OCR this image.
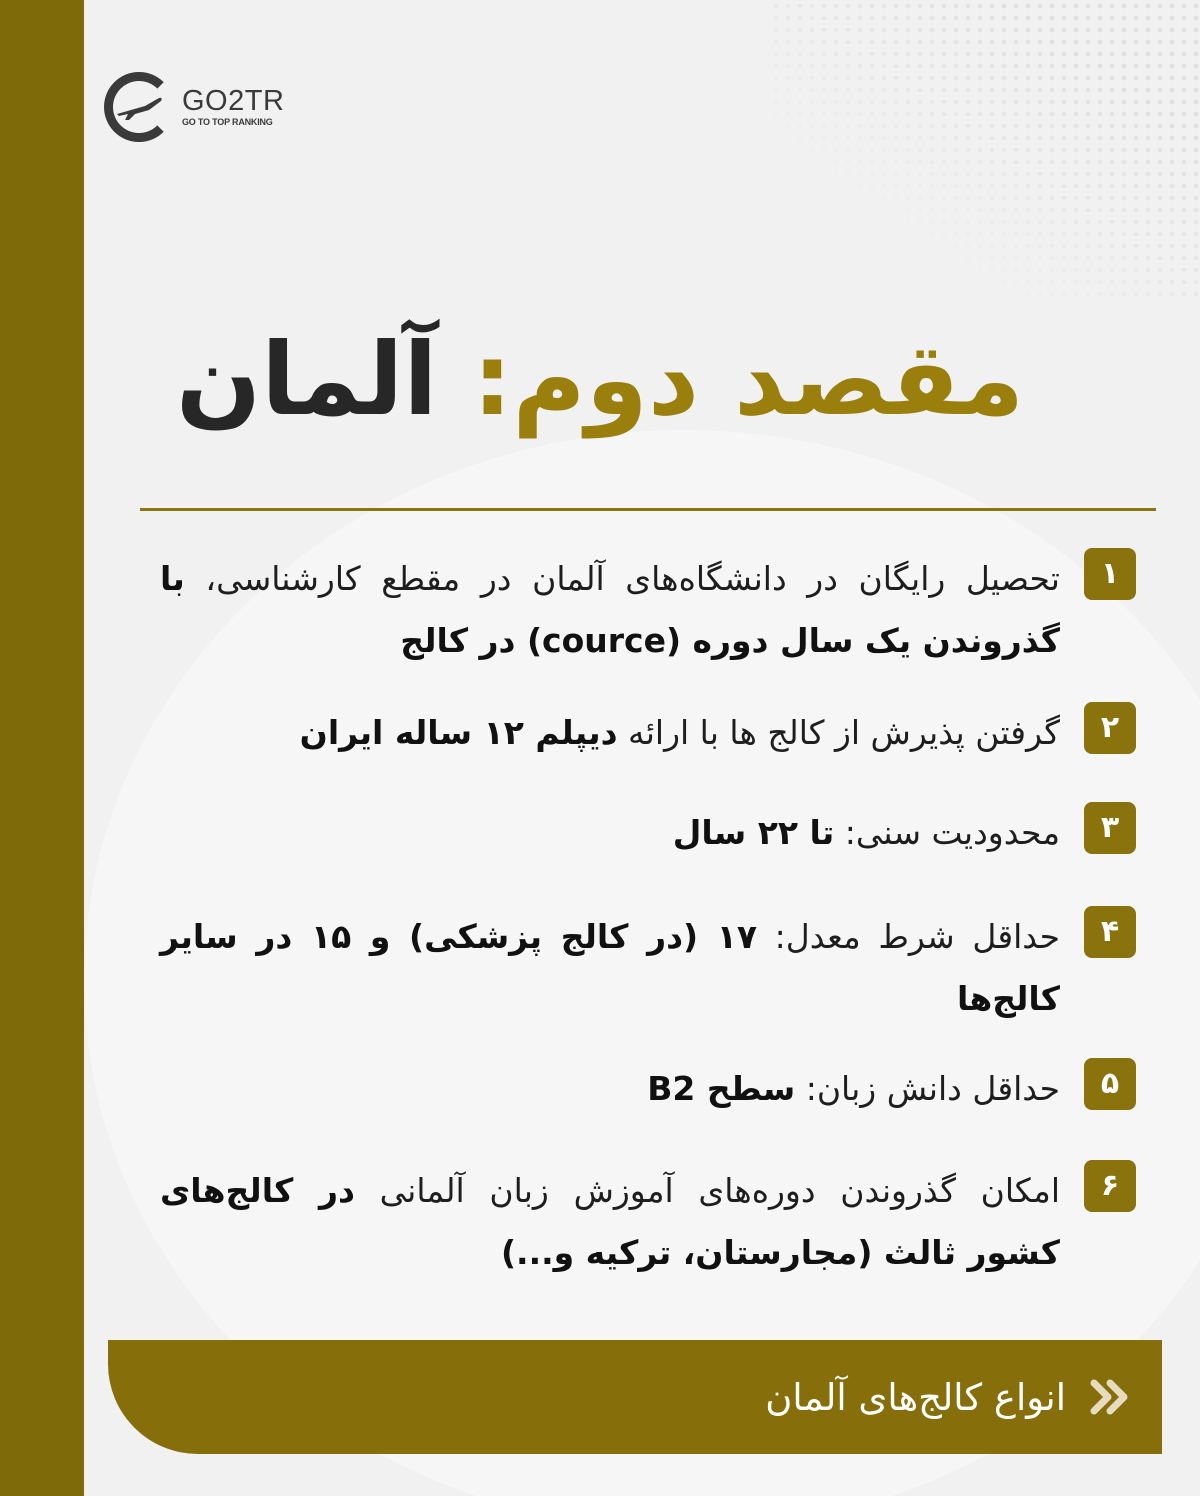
GO2TR
GO TO TOP RANKING
مقصد دوم: آلمان
۱
تحصیل رایگان در دانشگاه‌های آلمان در مقطع کارشناسی، با گذروندن یک سال دوره (cource) در کالج
۲
گرفتن پذیرش از کالج ها با ارائه دیپلم ۱۲ ساله ایران
۳
محدودیت سنی: تا ۲۲ سال
۴
حداقل شرط معدل: ۱۷ (در کالج پزشکی) و ۱۵ در سایر کالج‌ها
۵
حداقل دانش زبان: سطح B2
۶
امکان گذروندن دوره‌های آموزش زبان آلمانی در کالج‌های کشور ثالث (مجارستان، ترکیه و...)
انواع کالج‌های آلمان
